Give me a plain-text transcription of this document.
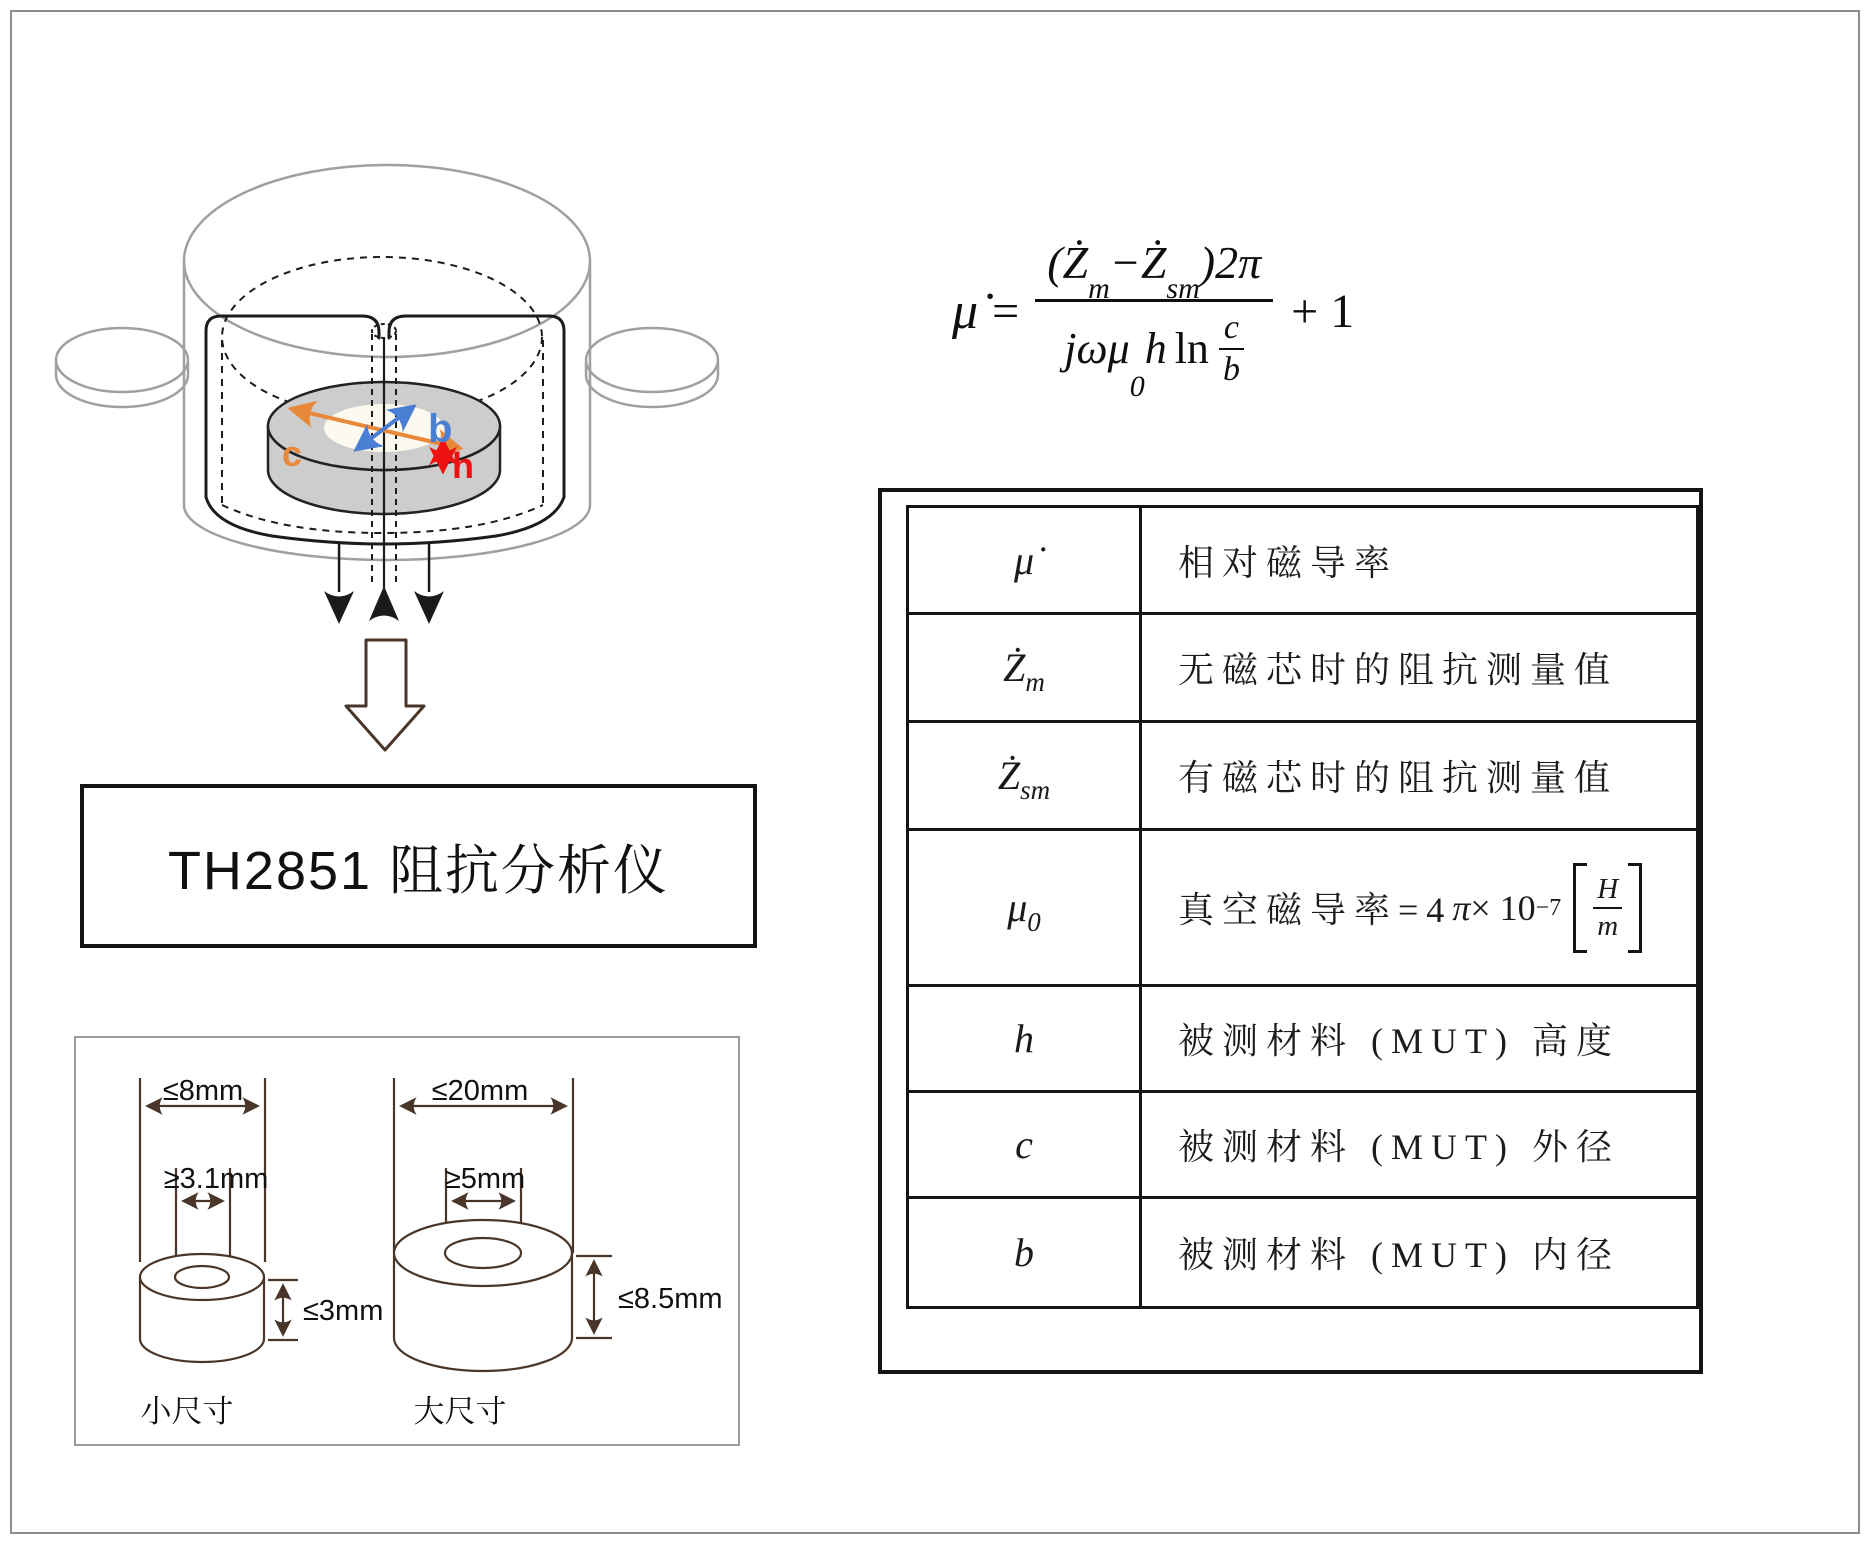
c
b
h
TH2851 阻抗分析仪
≤8mm
≥3.1mm
≤3mm
小尺寸
≤20mm
≥5mm
≤8.5mm
大尺寸
μ̇ = (Ż
m
− Ż
sm
)2π
jωμ
0
h ln c
b + 1
μ̇	相对磁导率
$Ż_m$	无磁芯时的阻抗测量值
$Ż_{sm}$	有磁芯时的阻抗测量值
$\mu_0$	真空磁导率=4 π × 10 −7
H
m
h	被测材料 (MUT) 高度
c	被测材料 (MUT) 外径
b	被测材料 (MUT) 内径
